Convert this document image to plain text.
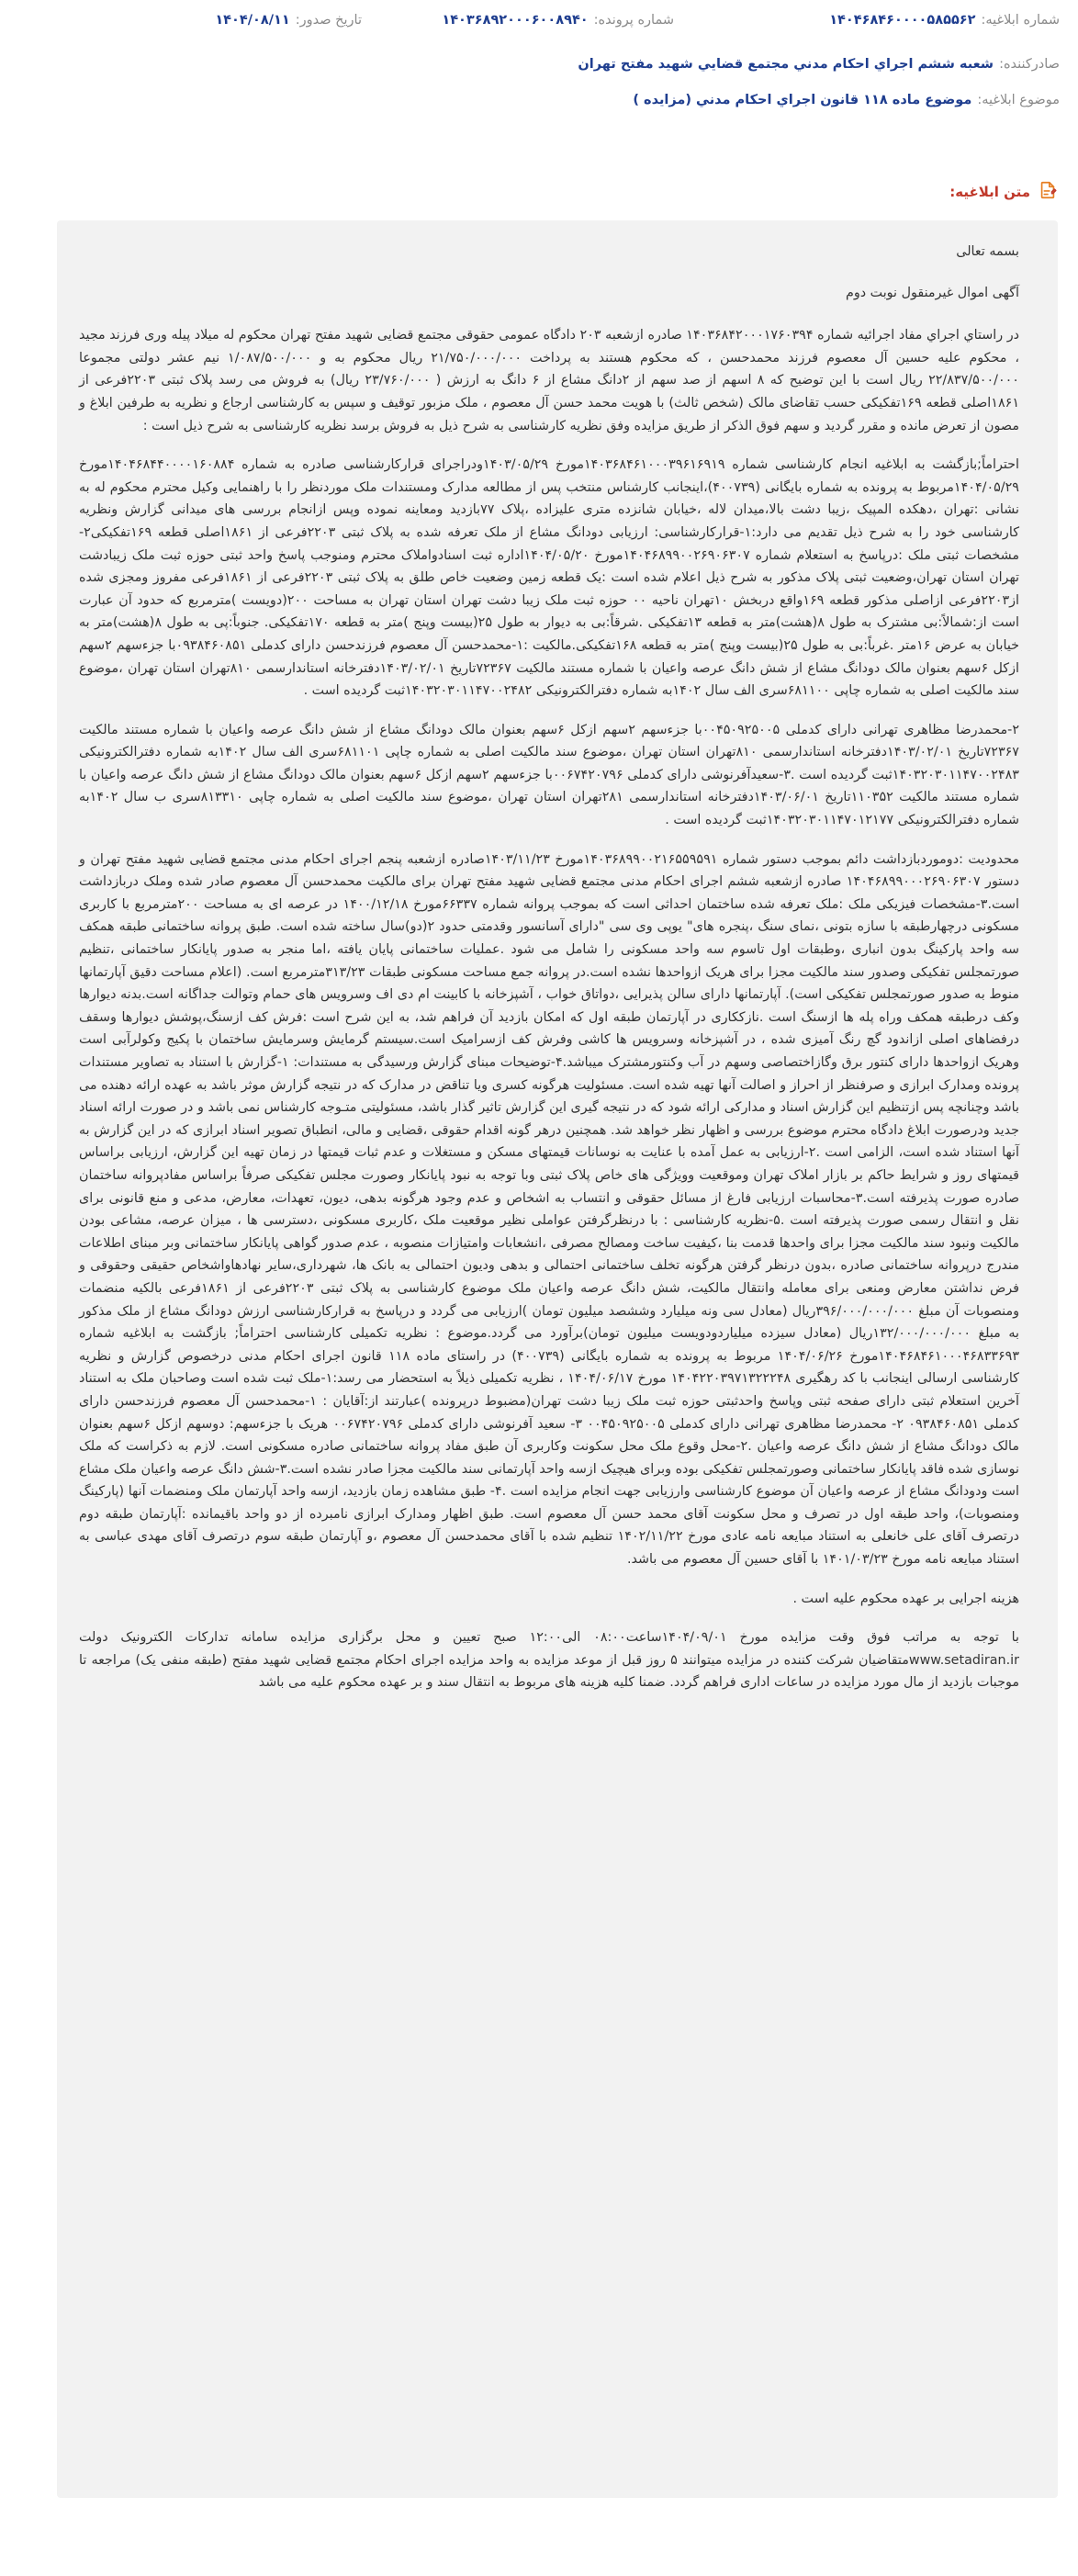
شماره ابلاغیه:
۱۴۰۴۶۸۴۶۰۰۰۰۵۸۵۵۶۲
شماره پرونده:
۱۴۰۳۶۸۹۲۰۰۰۶۰۰۸۹۴۰
تاریخ صدور:
۱۴۰۴/۰۸/۱۱
صادرکننده:
شعبه ششم اجراي احكام مدني مجتمع قضايي شهيد مفتح تهران
موضوع ابلاغیه:
موضوع ماده ۱۱۸ قانون اجراي احكام مدني (مزايده )
متن ابلاغیه:

بسمه تعالی

آگهی اموال غیرمنقول نوبت دوم

در راستاي اجراي مفاد اجرائيه شماره ۱۴۰۳۶۸۴۲۰۰۰۱۷۶۰۳۹۴ صادره ازشعبه ۲۰۳ دادگاه عمومی حقوقی مجتمع قضایی شهید مفتح تهران محکوم له میلاد پیله وری فرزند مجید ، محکوم علیه حسین آل معصوم فرزند محمدحسن ، که محکوم هستند به پرداخت ۲۱/۷۵۰/۰۰۰/۰۰۰ ریال محکوم به و ۱/۰۸۷/۵۰۰/۰۰۰ نیم عشر دولتی مجموعا ۲۲/۸۳۷/۵۰۰/۰۰۰ ریال است با این توضیح که ۸ اسهم از صد سهم از ۲دانگ مشاع از ۶ دانگ به ارزش ( ۲۳/۷۶۰/۰۰۰ ریال) به فروش می رسد پلاک ثبتی ۲۲۰۳فرعی از ۱۸۶۱اصلی قطعه ۱۶۹تفکیکی حسب تقاضای مالک (شخص ثالث) با هویت محمد حسن آل معصوم ، ملک مزبور توقیف و سپس به کارشناسی ارجاع و نظریه به طرفین ابلاغ و مصون از تعرض مانده و مقرر گردید و سهم فوق الذکر از طریق مزایده وفق نظریه کارشناسی به شرح ذیل به فروش برسد نظریه کارشناسی به شرح ذیل است :

احتراماً;بازگشت به ابلاغیه انجام کارشناسی شماره ۱۴۰۳۶۸۴۶۱۰۰۰۳۹۶۱۶۹۱۹مورخ ۱۴۰۳/۰۵/۲۹ودراجرای قرارکارشناسی صادره به شماره ۱۴۰۴۶۸۴۴۰۰۰۰۱۶۰۸۸۴مورخ ۱۴۰۴/۰۵/۲۹مربوط به پرونده به شماره بایگانی (۴۰۰۷۳۹)،اینجانب کارشناس منتخب پس از مطالعه مدارک ومستندات ملک موردنظر را با راهنمایی وکیل محترم محکوم له به نشانی :تهران ،دهکده المپیک ،زیبا دشت بالا،میدان لاله ،خیابان شانزده متری علیزاده ،پلاک ۷۷بازدید ومعاینه نموده وپس ازانجام بررسی های میدانی گزارش ونظریه کارشناسی خود را به شرح ذیل تقدیم می دارد:۱-قرارکارشناسی: ارزیابی دودانگ مشاع از ملک تعرفه شده به پلاک ثبتی ۲۲۰۳فرعی از ۱۸۶۱اصلی قطعه ۱۶۹تفکیکی۲-مشخصات ثبتی ملک :درپاسخ به استعلام شماره ۱۴۰۴۶۸۹۹۰۰۲۶۹۰۶۳۰۷مورخ ۱۴۰۴/۰۵/۲۰اداره ثبت اسنادواملاک محترم ومنوجب پاسخ واحد ثبتی حوزه ثبت ملک زیبادشت تهران استان تهران،وضعیت ثبتی پلاک مذکور به شرح ذیل اعلام شده است :یک قطعه زمین وضعیت خاص طلق به پلاک ثبتی ۲۲۰۳فرعی از ۱۸۶۱فرعی مفروز ومجزی شده از۲۲۰۳فرعی ازاصلی مذکور قطعه ۱۶۹واقع دربخش ۱۰تهران ناحیه ۰۰ حوزه ثبت ملک زیبا دشت تهران استان تهران به مساحت ۲۰۰(دویست )مترمربع که حدود آن عبارت است از:شمالاً:بی مشترک به طول ۸(هشت)متر به قطعه ۱۳تفکیکی .شرقاً:بی به دیوار به طول ۲۵(بیست وپنج )متر به قطعه ۱۷۰تفکیکی. جنوباً:پی به طول ۸(هشت)متر به خیابان به عرض ۱۶متر .غرباً:بی به طول ۲۵(بیست وپنج )متر به قطعه ۱۶۸تفکیکی.مالکیت :۱-محمدحسن آل معصوم فرزندحسن دارای کدملی ۰۹۳۸۴۶۰۸۵۱با جزءسهم ۲سهم ازکل ۶سهم بعنوان مالک دودانگ مشاع از شش دانگ عرصه واعیان با شماره مستند مالکیت ۷۲۳۶۷تاریخ ۱۴۰۳/۰۲/۰۱دفترخانه استاندارسمی ۸۱۰تهران استان تهران ،موضوع سند مالکیت اصلی به شماره چاپی ۶۸۱۱۰۰سری الف سال ۱۴۰۲به شماره دفترالکترونیکی ۱۴۰۳۲۰۳۰۱۱۴۷۰۰۲۴۸۲ثبت گردیده است .

۲-محمدرضا مظاهری تهرانی دارای کدملی ۰۰۴۵۰۹۲۵۰۰۵با جزءسهم ۲سهم ازکل ۶سهم بعنوان مالک دودانگ مشاع از شش دانگ عرصه واعیان با شماره مستند مالکیت ۷۲۳۶۷تاریخ ۱۴۰۳/۰۲/۰۱دفترخانه استاندارسمی ۸۱۰تهران استان تهران ،موضوع سند مالکیت اصلی به شماره چاپی ۶۸۱۱۰۱سری الف سال ۱۴۰۲به شماره دفترالکترونیکی ۱۴۰۳۲۰۳۰۱۱۴۷۰۰۲۴۸۳ثبت گردیده است .۳-سعیدآفرنوشی دارای کدملی ۰۰۶۷۴۲۰۷۹۶با جزءسهم ۲سهم ازکل ۶سهم بعنوان مالک دودانگ مشاع از شش دانگ عرصه واعیان با شماره مستند مالکیت ۱۱۰۳۵۲تاریخ ۱۴۰۳/۰۶/۰۱دفترخانه استاندارسمی ۲۸۱تهران استان تهران ،موضوع سند مالکیت اصلی به شماره چاپی ۸۱۳۳۱۰سری ب سال ۱۴۰۲به شماره دفترالکترونیکی ۱۴۰۳۲۰۳۰۱۱۴۷۰۱۲۱۷۷ثبت گردیده است .

محدودیت :دوموردبازداشت دائم بموجب دستور شماره ۱۴۰۳۶۸۹۹۰۰۲۱۶۵۵۹۵۹۱مورخ ۱۴۰۳/۱۱/۲۳صادره ازشعبه پنجم اجرای احکام مدنی مجتمع قضایی شهید مفتح تهران و دستور ۱۴۰۴۶۸۹۹۰۰۰۲۶۹۰۶۳۰۷ صادره ازشعبه ششم اجرای احکام مدنی مجتمع قضایی شهید مفتح تهران برای مالکیت محمدحسن آل معصوم صادر شده وملک دربازداشت است.۳-مشخصات فیزیکی ملک :ملک تعرفه شده ساختمان احداثی است که بموجب پروانه شماره ۶۶۳۳۷مورخ ۱۴۰۰/۱۲/۱۸ در عرصه ای به مساحت ۲۰۰مترمربع با کاربری مسکونی درچهارطبقه با سازه بتونی ،نمای سنگ ،پنجره های" یوپی وی سی "دارای آسانسور وقدمتی حدود ۲(دو)سال ساخته شده است. طبق پروانه ساختمانی طبقه همکف سه واحد پارکینگ بدون انباری ،وطبقات اول تاسوم سه واحد مسکونی را شامل می شود .عملیات ساختمانی پایان یافته ،اما منجر به صدور پایانکار ساختمانی ،تنظیم صورتمجلس تفکیکی وصدور سند مالکیت مجزا برای هریک ازواحدها نشده است.در پروانه جمع مساحت مسکونی طبقات ۳۱۳/۲۳مترمربع است. (اعلام مساحت دقیق آپارتمانها منوط به صدور صورتمجلس تفکیکی است). آپارتمانها دارای سالن پذیرایی ،دواتاق خواب ، آشپزخانه با کابینت ام دی اف وسرویس های حمام وتوالت جداگانه است.بدنه دیوارها وکف درطبقه همکف وراه پله ها ازسنگ است .نازککاری در آپارتمان طبقه اول که امکان بازدید آن فراهم شد، به این شرح است :فرش کف ازسنگ،پوشش دیوارها وسقف درفضاهای اصلی ازاندود گچ رنگ آمیزی شده ، در آشپزخانه وسرویس ها کاشی وفرش کف ازسرامیک است.سیستم گرمایش وسرمایش ساختمان با پکیج وکولرآبی است وهریک ازواحدها دارای کنتور برق وگازاختصاصی وسهم در آب وکنتورمشترک میباشد.۴-توضیحات مبنای گزارش ورسیدگی به مستندات: ۱-گزارش با استناد به تصاویر مستندات پرونده ومدارک ابرازی و صرفنظر از احراز و اصالت آنها تهیه شده است. مسئولیت هرگونه کسری ویا تناقض در مدارک که در نتیجه گزارش موثر باشد به عهده ارائه دهنده می باشد وچنانچه پس ازتنظیم این گزارش اسناد و مدارکی ارائه شود که در نتیجه گیری این گزارش تاثیر گذار باشد، مسئولیتی متـوجه کارشناس نمی باشد و در صورت ارائه اسناد جدید ودرصورت ابلاغ دادگاه محترم موضوع بررسی و اظهار نظر خواهد شد. همچنین درهر گونه اقدام حقوقی ،قضایی و مالی، انطباق تصویر اسناد ابرازی که در این گزارش به آنها استناد شده است، الزامی است .۲-ارزیابی به عمل آمده با عنایت به نوسانات قیمتهای مسکن و مستغلات و عدم ثبات قیمتها در زمان تهیه این گزارش، ارزیابی براساس قیمتهای روز و شرایط حاکم بر بازار املاک تهران وموقعیت وویژگی های خاص پلاک ثبتی وبا توجه به نبود پایانکار وصورت مجلس تفکیکی صرفاً براساس مفادپروانه ساختمان صادره صورت پذیرفته است.۳-محاسبات ارزیابی فارغ از مسائل حقوقی و انتساب به اشخاص و عدم وجود هرگونه بدهی، دیون، تعهدات، معارض، مدعی و منع قانونی برای نقل و انتقال رسمی صورت پذیرفته است .۵-نظریه کارشناسی : با درنظرگرفتن عواملی نظیر موقعیت ملک ،کاربری مسکونی ،دسترسی ها ، میزان عرصه، مشاعی بودن مالکیت ونبود سند مالکیت مجزا برای واحدها قدمت بنا ،کیفیت ساخت ومصالح مصرفی ،انشعابات وامتیازات منصوبه ، عدم صدور گواهی پایانکار ساختمانی وبر مبنای اطلاعات مندرج درپروانه ساختمانی صادره ،بدون درنظر گرفتن هرگونه تخلف ساختمانی احتمالی و بدهی ودیون احتمالی به بانک ها، شهرداری،سایر نهادهاواشخاص حقیقی وحقوقی و فرض نداشتن معارض ومنعی برای معامله وانتقال مالکیت، شش دانگ عرصه واعیان ملک موضوع کارشناسی به پلاک ثبتی ۲۲۰۳فرعی از ۱۸۶۱فرعی بالکیه منضمات ومنصوبات آن مبلغ ۳۹۶/۰۰۰/۰۰۰/۰۰۰ریال (معادل سی ونه میلیارد وششصد میلیون تومان )ارزیابی می گردد و درپاسخ به قرارکارشناسی ارزش دودانگ مشاع از ملک مذکور به مبلغ ۱۳۲/۰۰۰/۰۰۰/۰۰۰ریال (معادل سیزده میلیاردودویست میلیون تومان)برآورد می گردد.موضوع : نظریه تکمیلی کارشناسی احتراماً; بازگشت به ابلاغیه شماره ۱۴۰۴۶۸۴۶۱۰۰۰۴۶۸۳۳۶۹۳مورخ ۱۴۰۴/۰۶/۲۶ مربوط به پرونده به شماره بایگانی (۴۰۰۷۳۹) در راستای ماده ۱۱۸ قانون اجرای احکام مدنی درخصوص گزارش و نظریه کارشناسی ارسالی اینجانب با کد رهگیری ۱۴۰۴۲۲۰۳۹۷۱۳۲۲۲۴۸ مورخ ۱۴۰۴/۰۶/۱۷ ، نظریه تکمیلی ذیلاً به استحضار می رسد:۱-ملک ثبت شده است وصاحبان ملک به استناد آخرین استعلام ثبتی دارای صفحه ثبتی وپاسخ واحدثبتی حوزه ثبت ملک زیبا دشت تهران(مضبوط درپرونده )عبارتند از:آقایان : ۱-محمدحسن آل معصوم فرزندحسن دارای کدملی ۰۹۳۸۴۶۰۸۵۱ ۲- محمدرضا مظاهری تهرانی دارای کدملی ۰۰۴۵۰۹۲۵۰۰۵ ۳- سعید آفرنوشی دارای کدملی ۰۰۶۷۴۲۰۷۹۶ هریک با جزءسهم: دوسهم ازکل ۶سهم بعنوان مالک دودانگ مشاع از شش دانگ عرصه واعیان .۲-محل وقوع ملک محل سکونت وکاربری آن طبق مفاد پروانه ساختمانی صادره مسکونی است. لازم به ذکراست که ملک نوسازی شده فاقد پایانکار ساختمانی وصورتمجلس تفکیکی بوده وبرای هیچیک ازسه واحد آپارتمانی سند مالکیت مجزا صادر نشده است.۳-شش دانگ عرصه واعیان ملک مشاع است ودودانگ مشاع از عرصه واعیان آن موضوع کارشناسی وارزیابی جهت انجام مزایده است .۴- طبق مشاهده زمان بازدید، ازسه واحد آپارتمان ملک ومنضمات آنها (پارکینگ ومنصوبات)، واحد طبقه اول در تصرف و محل سکونت آقای محمد حسن آل معصوم است. طبق اظهار ومدارک ابرازی نامبرده از دو واحد باقیمانده :آپارتمان طبقه دوم درتصرف آقای علی خانعلی به استناد مبایعه نامه عادی مورخ ۱۴۰۲/۱۱/۲۲ تنظیم شده با آقای محمدحسن آل معصوم ،و آپارتمان طبقه سوم درتصرف آقای مهدی عباسی به استناد مبایعه نامه مورخ ۱۴۰۱/۰۳/۲۳ با آقای حسین آل معصوم می باشد.

هزینه اجرایی بر عهده محکوم علیه است .

با توجه به مراتب فوق وقت مزایده مورخ ۱۴۰۴/۰۹/۰۱ساعت۰۸:۰۰ الی۱۲:۰۰ صبح تعیین و محل برگزاری مزایده سامانه تدارکات الکترونیک دولت www.setadiran.irمتقاضیان شرکت کننده در مزایده میتوانند ۵ روز قبل از موعد مزایده به واحد مزایده اجرای احکام مجتمع قضایی شهید مفتح (طبقه منفی یک) مراجعه تا موجبات بازدید از مال مورد مزایده در ساعات اداری فراهم گردد. ضمنا کلیه هزینه های مربوط به انتقال سند و بر عهده محکوم علیه می باشد
